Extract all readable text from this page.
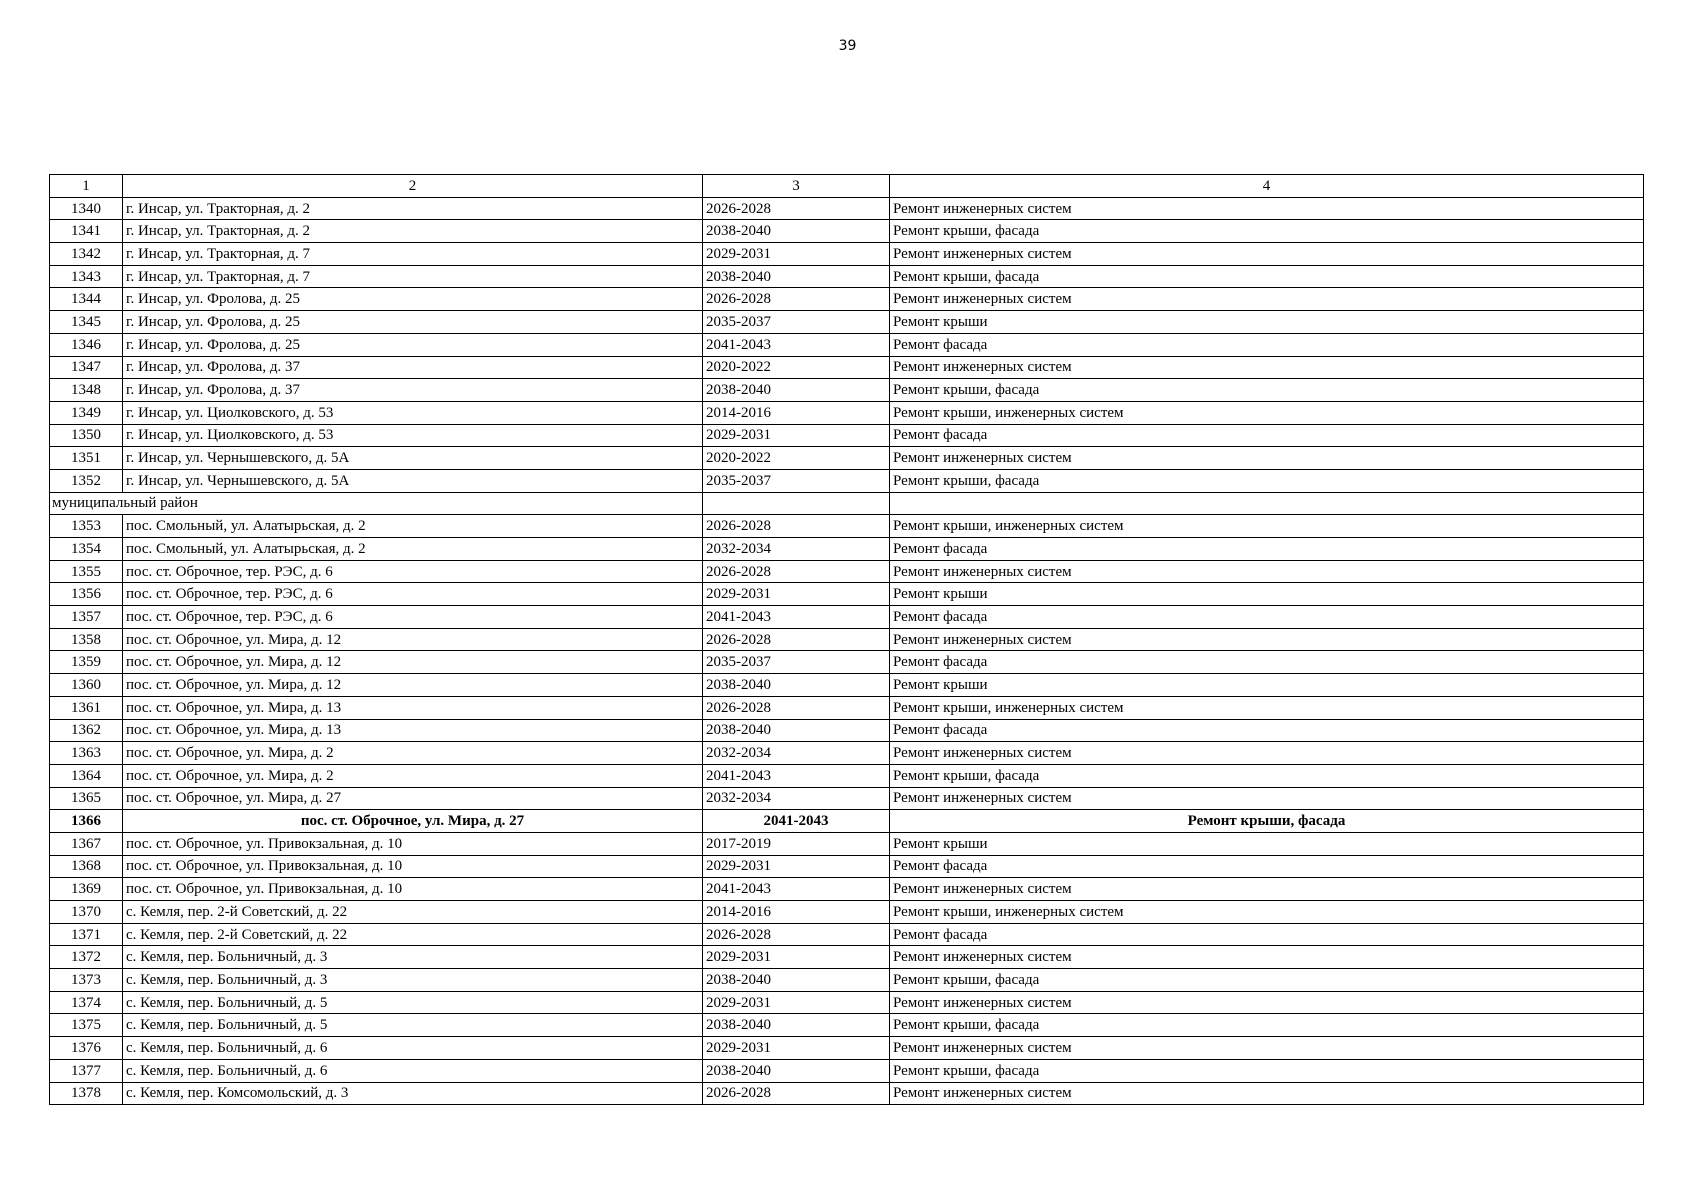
39
1	2	3	4
1340	г. Инсар, ул. Тракторная, д. 2	2026-2028	Ремонт инженерных систем
1341	г. Инсар, ул. Тракторная, д. 2	2038-2040	Ремонт крыши, фасада
1342	г. Инсар, ул. Тракторная, д. 7	2029-2031	Ремонт инженерных систем
1343	г. Инсар, ул. Тракторная, д. 7	2038-2040	Ремонт крыши, фасада
1344	г. Инсар, ул. Фролова, д. 25	2026-2028	Ремонт инженерных систем
1345	г. Инсар, ул. Фролова, д. 25	2035-2037	Ремонт крыши
1346	г. Инсар, ул. Фролова, д. 25	2041-2043	Ремонт фасада
1347	г. Инсар, ул. Фролова, д. 37	2020-2022	Ремонт инженерных систем
1348	г. Инсар, ул. Фролова, д. 37	2038-2040	Ремонт крыши, фасада
1349	г. Инсар, ул. Циолковского, д. 53	2014-2016	Ремонт крыши, инженерных систем
1350	г. Инсар, ул. Циолковского, д. 53	2029-2031	Ремонт фасада
1351	г. Инсар, ул. Чернышевского, д. 5А	2020-2022	Ремонт инженерных систем
1352	г. Инсар, ул. Чернышевского, д. 5А	2035-2037	Ремонт крыши, фасада
муниципальный район			
1353	пос. Смольный, ул. Алатырьская, д. 2	2026-2028	Ремонт крыши, инженерных систем
1354	пос. Смольный, ул. Алатырьская, д. 2	2032-2034	Ремонт фасада
1355	пос. ст. Оброчное, тер. РЭС, д. 6	2026-2028	Ремонт инженерных систем
1356	пос. ст. Оброчное, тер. РЭС, д. 6	2029-2031	Ремонт крыши
1357	пос. ст. Оброчное, тер. РЭС, д. 6	2041-2043	Ремонт фасада
1358	пос. ст. Оброчное, ул. Мира, д. 12	2026-2028	Ремонт инженерных систем
1359	пос. ст. Оброчное, ул. Мира, д. 12	2035-2037	Ремонт фасада
1360	пос. ст. Оброчное, ул. Мира, д. 12	2038-2040	Ремонт крыши
1361	пос. ст. Оброчное, ул. Мира, д. 13	2026-2028	Ремонт крыши, инженерных систем
1362	пос. ст. Оброчное, ул. Мира, д. 13	2038-2040	Ремонт фасада
1363	пос. ст. Оброчное, ул. Мира, д. 2	2032-2034	Ремонт инженерных систем
1364	пос. ст. Оброчное, ул. Мира, д. 2	2041-2043	Ремонт крыши, фасада
1365	пос. ст. Оброчное, ул. Мира, д. 27	2032-2034	Ремонт инженерных систем
1366	пос. ст. Оброчное, ул. Мира, д. 27	2041-2043	Ремонт крыши, фасада
1367	пос. ст. Оброчное, ул. Привокзальная, д. 10	2017-2019	Ремонт крыши
1368	пос. ст. Оброчное, ул. Привокзальная, д. 10	2029-2031	Ремонт фасада
1369	пос. ст. Оброчное, ул. Привокзальная, д. 10	2041-2043	Ремонт инженерных систем
1370	с. Кемля, пер. 2-й Советский, д. 22	2014-2016	Ремонт крыши, инженерных систем
1371	с. Кемля, пер. 2-й Советский, д. 22	2026-2028	Ремонт фасада
1372	с. Кемля, пер. Больничный, д. 3	2029-2031	Ремонт инженерных систем
1373	с. Кемля, пер. Больничный, д. 3	2038-2040	Ремонт крыши, фасада
1374	с. Кемля, пер. Больничный, д. 5	2029-2031	Ремонт инженерных систем
1375	с. Кемля, пер. Больничный, д. 5	2038-2040	Ремонт крыши, фасада
1376	с. Кемля, пер. Больничный, д. 6	2029-2031	Ремонт инженерных систем
1377	с. Кемля, пер. Больничный, д. 6	2038-2040	Ремонт крыши, фасада
1378	с. Кемля, пер. Комсомольский, д. 3	2026-2028	Ремонт инженерных систем
